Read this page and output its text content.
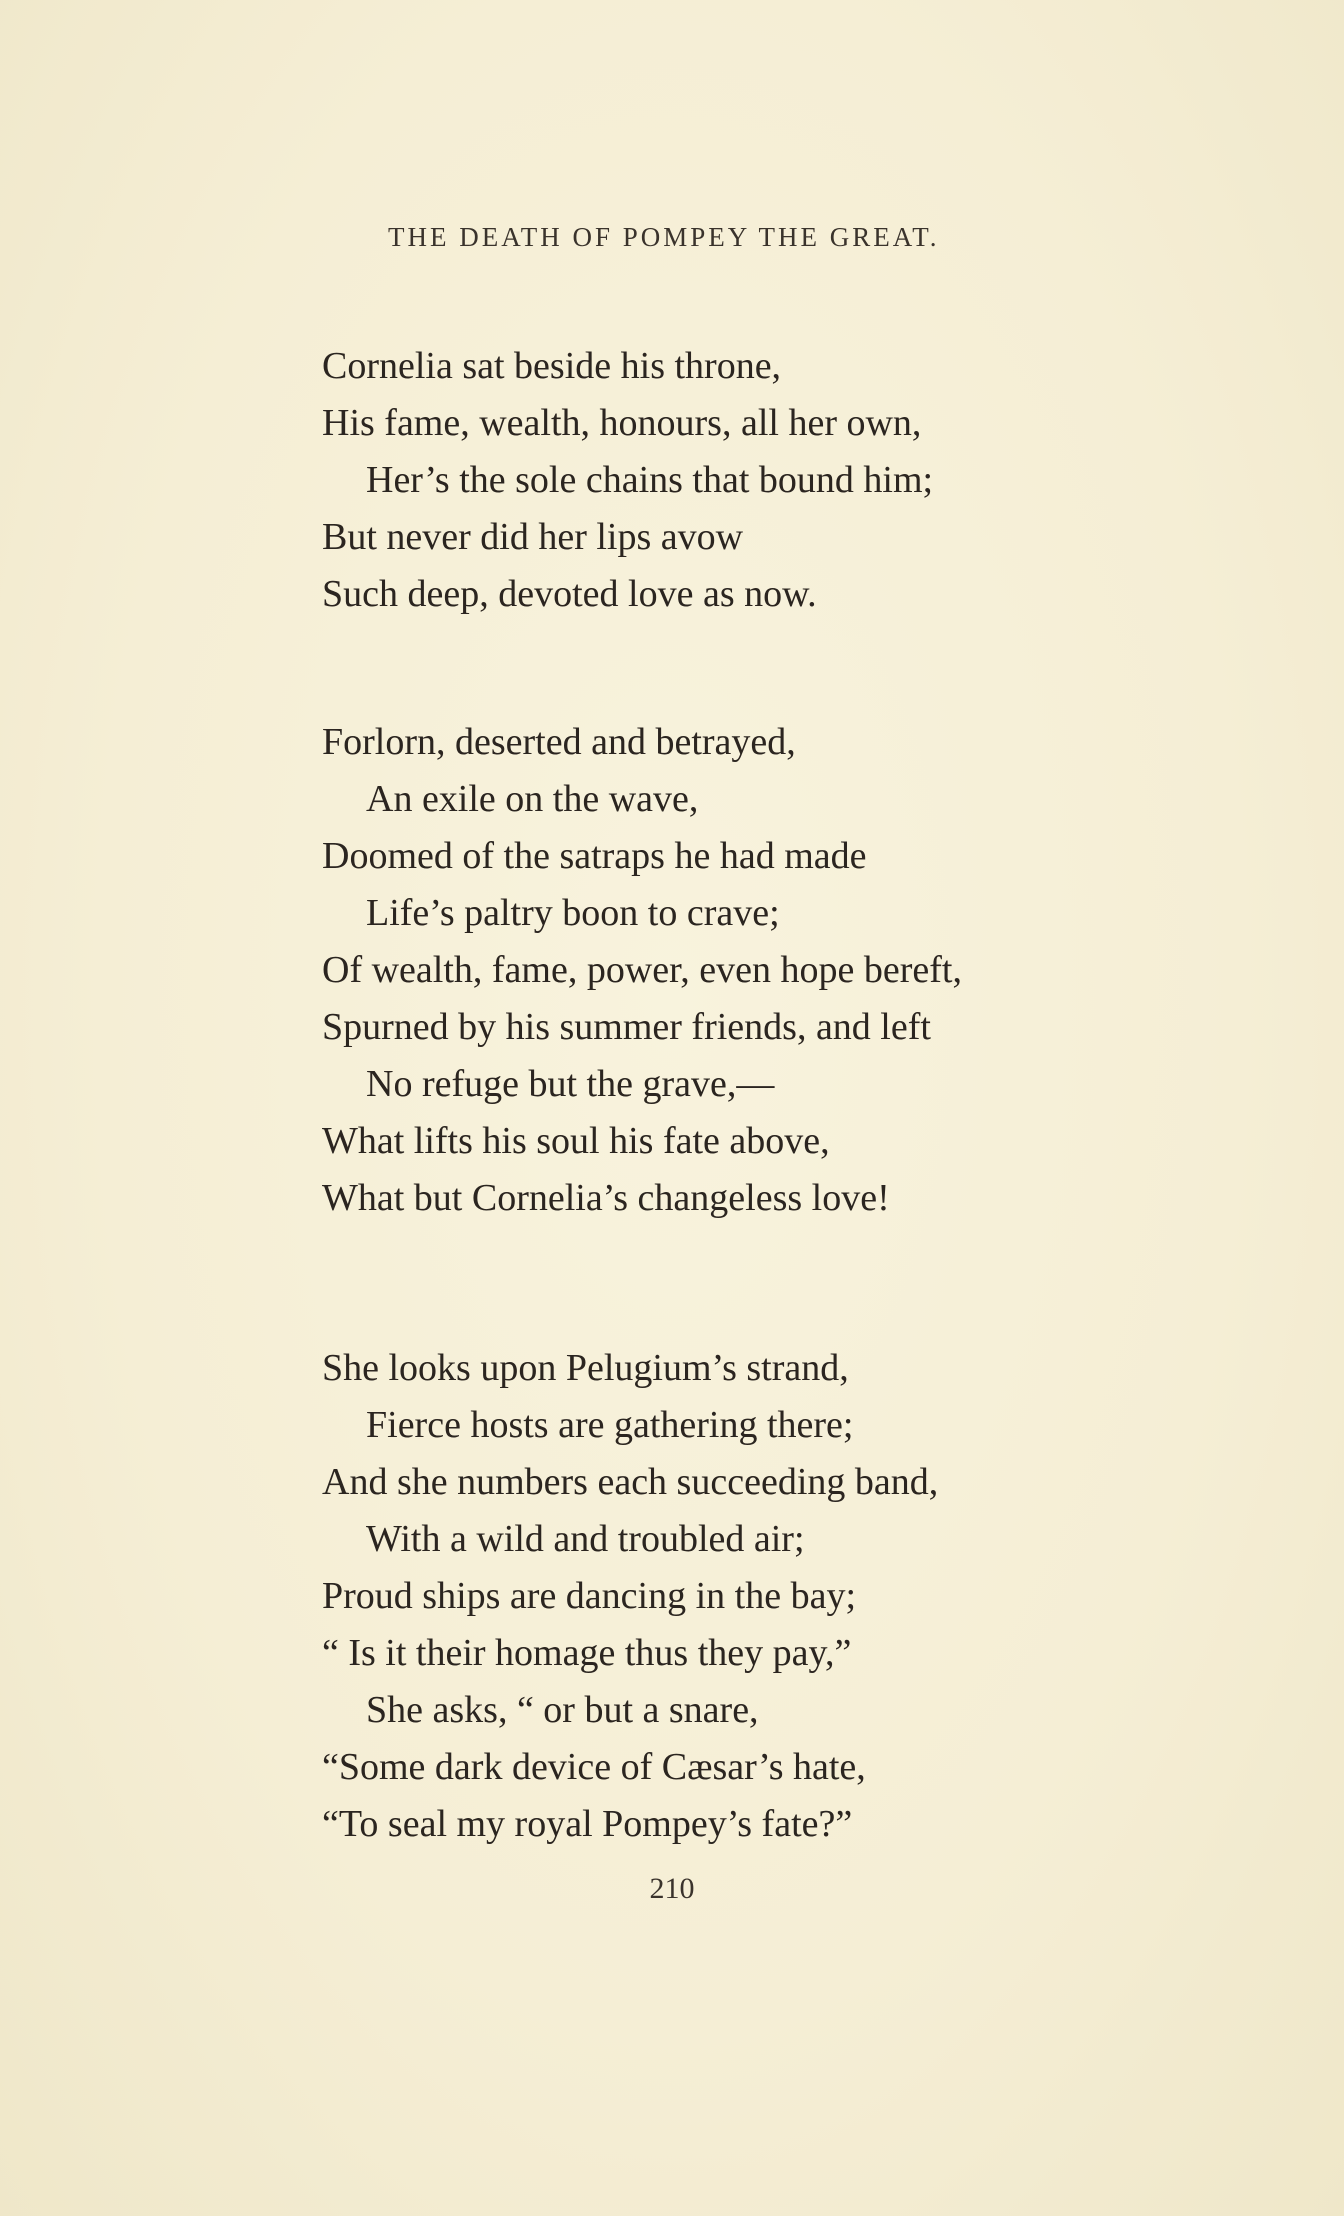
THE DEATH OF POMPEY THE GREAT.
Cornelia sat beside his throne,
His fame, wealth, honours, all her own,
Her’s the sole chains that bound him;
But never did her lips avow
Such deep, devoted love as now.
Forlorn, deserted and betrayed,
An exile on the wave,
Doomed of the satraps he had made
Life’s paltry boon to crave;
Of wealth, fame, power, even hope bereft,
Spurned by his summer friends, and left
No refuge but the grave,—
What lifts his soul his fate above,
What but Cornelia’s changeless love!
She looks upon Pelugium’s strand,
Fierce hosts are gathering there;
And she numbers each succeeding band,
With a wild and troubled air;
Proud ships are dancing in the bay;
“ Is it their homage thus they pay,”
She asks, “ or but a snare,
“Some dark device of Cæsar’s hate,
“To seal my royal Pompey’s fate?”
210
